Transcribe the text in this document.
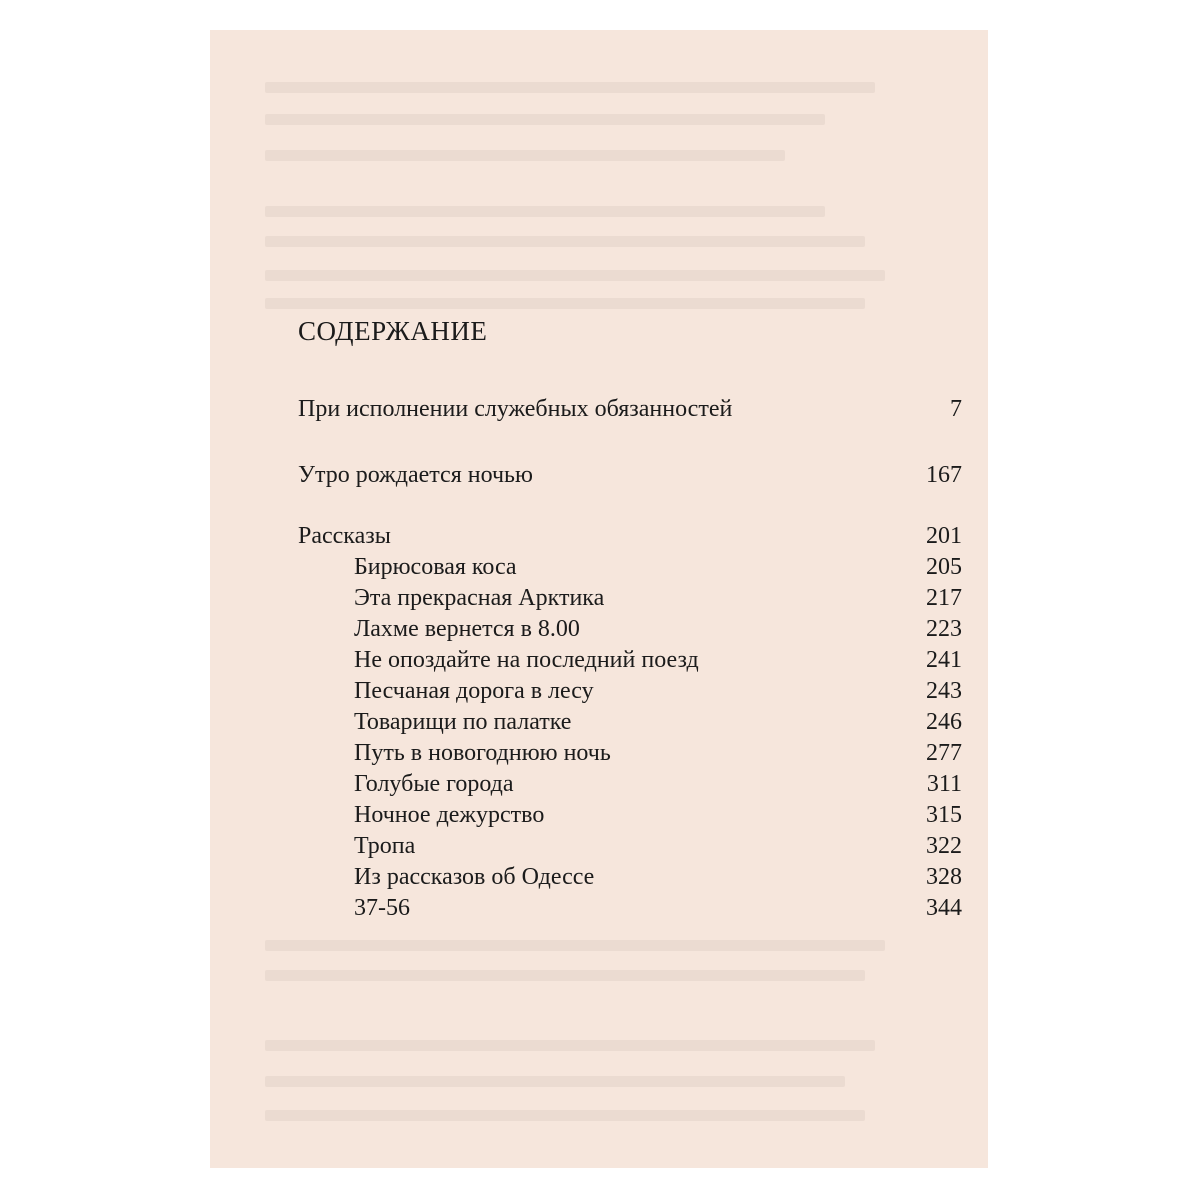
СОДЕРЖАНИЕ
При исполнении служебных обязанностей	7
Утро рождается ночью	167
Рассказы	201
Бирюсовая коса	205
Эта прекрасная Арктика	217
Лахме вернется в 8.00	223
Не опоздайте на последний поезд	241
Песчаная дорога в лесу	243
Товарищи по палатке	246
Путь в новогоднюю ночь	277
Голубые города	311
Ночное дежурство	315
Тропа	322
Из рассказов об Одессе	328
37-56	344
